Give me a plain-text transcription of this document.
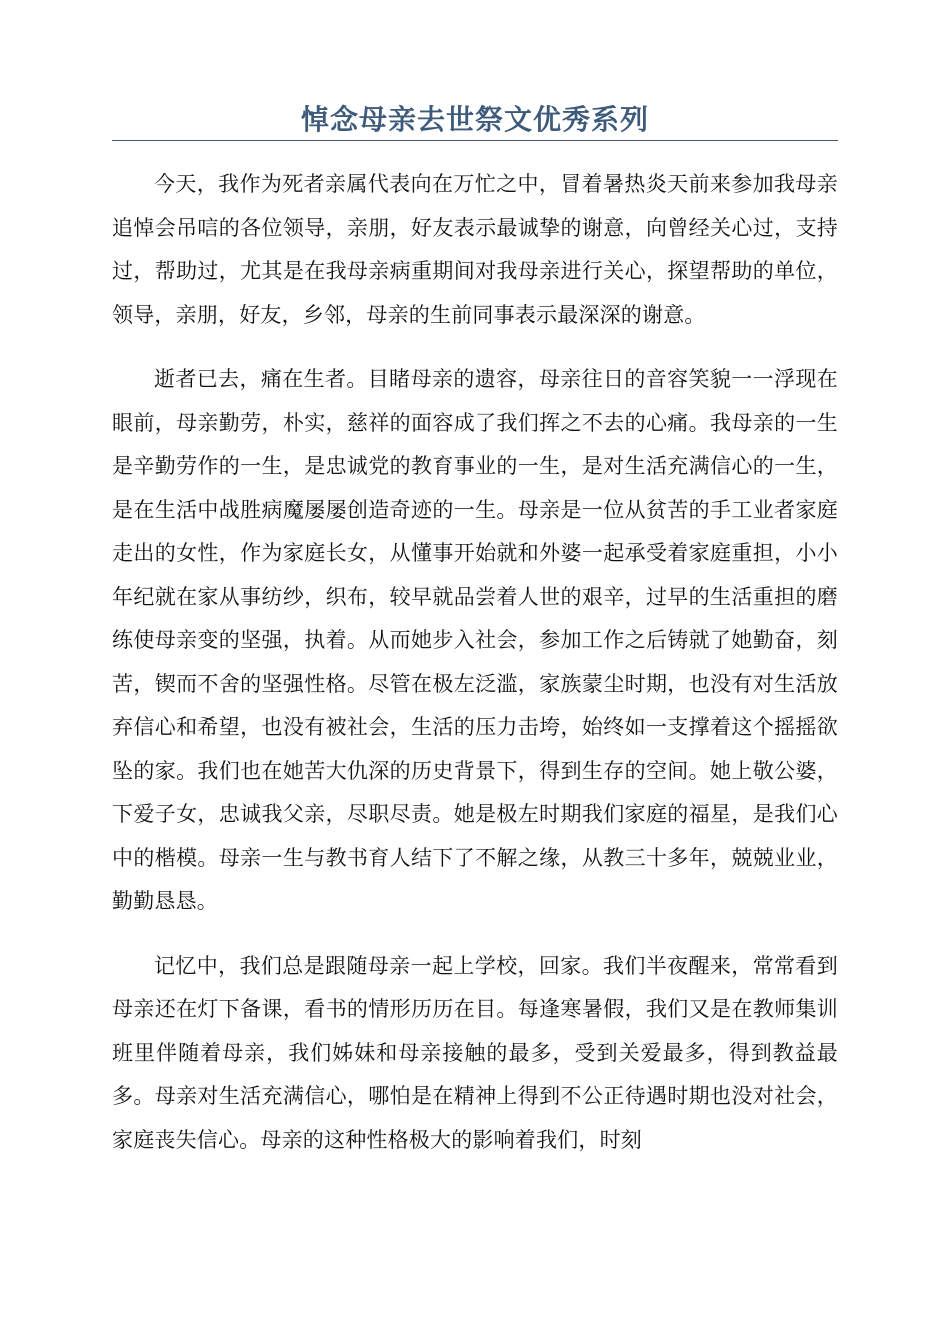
悼念母亲去世祭文优秀系列

今天，我作为死者亲属代表向在万忙之中，冒着暑热炎天前来参加我母亲追悼会吊唁的各位领导，亲朋，好友表示最诚挚的谢意，向曾经关心过，支持过，帮助过，尤其是在我母亲病重期间对我母亲进行关心，探望帮助的单位，领导，亲朋，好友，乡邻，母亲的生前同事表示最深深的谢意。

逝者已去，痛在生者。目睹母亲的遗容，母亲往日的音容笑貌一一浮现在眼前，母亲勤劳，朴实，慈祥的面容成了我们挥之不去的心痛。我母亲的一生是辛勤劳作的一生，是忠诚党的教育事业的一生，是对生活充满信心的一生，是在生活中战胜病魔屡屡创造奇迹的一生。母亲是一位从贫苦的手工业者家庭走出的女性，作为家庭长女，从懂事开始就和外婆一起承受着家庭重担，小小年纪就在家从事纺纱，织布，较早就品尝着人世的艰辛，过早的生活重担的磨练使母亲变的坚强，执着。从而她步入社会，参加工作之后铸就了她勤奋，刻苦，锲而不舍的坚强性格。尽管在极左泛滥，家族蒙尘时期，也没有对生活放弃信心和希望，也没有被社会，生活的压力击垮，始终如一支撑着这个摇摇欲坠的家。我们也在她苦大仇深的历史背景下，得到生存的空间。她上敬公婆，下爱子女，忠诚我父亲，尽职尽责。她是极左时期我们家庭的福星，是我们心中的楷模。母亲一生与教书育人结下了不解之缘，从教三十多年，兢兢业业，勤勤恳恳。

记忆中，我们总是跟随母亲一起上学校，回家。我们半夜醒来，常常看到母亲还在灯下备课，看书的情形历历在目。每逢寒暑假，我们又是在教师集训班里伴随着母亲，我们姊妹和母亲接触的最多，受到关爱最多，得到教益最多。母亲对生活充满信心，哪怕是在精神上得到不公正待遇时期也没对社会，家庭丧失信心。母亲的这种性格极大的影响着我们，时刻
